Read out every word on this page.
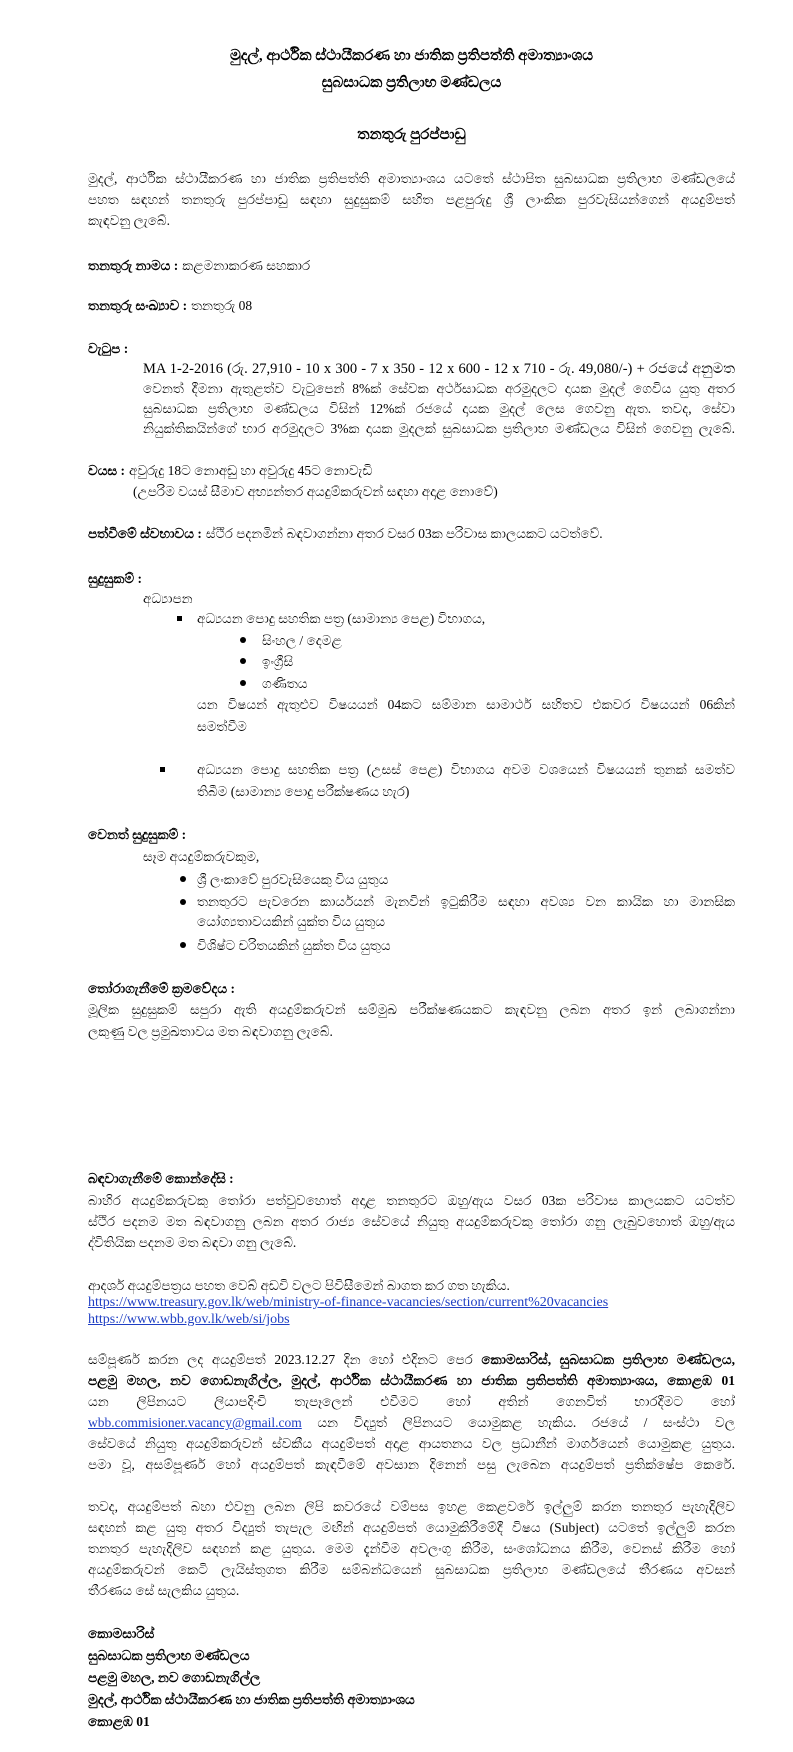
මුදල්, ආර්ථික ස්ථායීකරණ හා ජාතික ප්‍රතිපත්ති අමාත්‍යාංශය
සුබසාධක ප්‍රතිලාභ මණ්ඩලය
තනතුරු පුරප්පාඩු
මුදල්, ආර්ථික ස්ථායීකරණ හා ජාතික ප්‍රතිපත්ති අමාත්‍යාංශය යටතේ ස්ථාපිත සුබසාධක ප්‍රතිලාභ මණ්ඩලයේ
පහත සඳහන් තනතුරු පුරප්පාඩු සඳහා සුදුසුකම් සහිත පළපුරුදු ශ්‍රී ලාංකික පුරවැසියන්ගෙන් අයදුම්පත්
කැඳවනු ලැබේ.
තනතුරු නාමය : කළමනාකරණ සහකාර
තනතුරු සංඛ්‍යාව : තනතුරු 08
වැටුප :
MA 1-2-2016 (රු. 27,910 - 10 x 300 - 7 x 350 - 12 x 600 - 12 x 710 - රු. 49,080/-) + රජයේ අනුමත
වෙනත් දීමනා ඇතුළත්ව වැටුපෙන් 8%ක් සේවක අර්ථසාධක අරමුදලට දායක මුදල් ගෙවිය යුතු අතර
සුබසාධක ප්‍රතිලාභ මණ්ඩලය විසින් 12%ක් රජයේ දායක මුදල් ලෙස ගෙවනු ඇත. තවද, සේවා
නියුක්තිකයින්ගේ භාර අරමුදලට 3%ක දායක මුදලක් සුබසාධක ප්‍රතිලාභ මණ්ඩලය විසින් ගෙවනු ලැබේ.
වයස : අවුරුදු 18ට නොඅඩු හා අවුරුදු 45ට නොවැඩි
(උපරිම වයස් සීමාව අභ්‍යන්තර අයදුම්කරුවන් සඳහා අදාළ නොවේ)
පත්වීමේ ස්වභාවය : ස්ථිර පදනමින් බඳවාගන්නා අතර වසර 03ක පරිවාස කාලයකට යටත්වේ.
සුදුසුකම් :
අධ්‍යාපන
අධ්‍යයන පොදු සහතික පත්‍ර (සාමාන්‍ය පෙළ) විභාගය,
සිංහල / දෙමළ
ඉංග්‍රීසි
ගණිතය
යන විෂයන් ඇතුළුව විෂයයන් 04කට සම්මාන සාමාර්ථ සහිතව එකවර විෂයයන් 06කින්
සමත්වීම
අධ්‍යයන පොදු සහතික පත්‍ර (උසස් පෙළ) විභාගය අවම වශයෙන් විෂයයන් තුනක් සමත්ව
තිබීම (සාමාන්‍ය පොදු පරීක්ෂණය හැර)
වෙනත් සුදුසුකම් :
සෑම අයදුම්කරුවකුම,
ශ්‍රී ලංකාවේ පුරවැසියෙකු විය යුතුය
තනතුරට පැවරෙන කාර්යයන් මැනවින් ඉටුකිරීම සඳහා අවශ්‍ය වන කායික හා මානසික
යෝග්‍යතාවයකින් යුක්ත විය යුතුය
විශිෂ්ට චරිතයකින් යුක්ත විය යුතුය
තෝරාගැනීමේ ක්‍රමවේදය :
මූලික සුදුසුකම් සපුරා ඇති අයදුම්කරුවන් සම්මුඛ පරීක්ෂණයකට කැඳවනු ලබන අතර ඉන් ලබාගන්නා
ලකුණු වල ප්‍රමුඛතාවය මත බඳවාගනු ලැබේ.
බඳවාගැනීමේ කොන්දේසි :
බාහිර අයදුම්කරුවකු තෝරා පත්වුවහොත් අදාළ තනතුරට ඔහු/ඇය වසර 03ක පරිවාස කාලයකට යටත්ව
ස්ථිර පදනම මත බඳවාගනු ලබන අතර රාජ්‍ය සේවයේ නියුතු අයදුම්කරුවකු තෝරා ගනු ලැබුවහොත් ඔහු/ඇය
ද්විතියික පදනම මත බඳවා ගනු ලැබේ.
ආදර්ශ අයදුම්පත්‍රය පහත වෙබ් අඩවි වලට පිවිසීමෙන් බාගත කර ගත හැකිය.
https://www.treasury.gov.lk/web/ministry-of-finance-vacancies/section/current%20vacancies
https://www.wbb.gov.lk/web/si/jobs
සම්පූර්ණ කරන ලද අයදුම්පත් 2023.12.27 දින හෝ එදිනට පෙර කොමසාරිස්, සුබසාධක ප්‍රතිලාභ මණ්ඩලය,
පළමු මහල, නව ගොඩනැගිල්ල, මුදල්, ආර්ථික ස්ථායීකරණ හා ජාතික ප්‍රතිපත්ති අමාත්‍යාංශය, කොළඹ 01
යන ලිපිනයට ලියාපදිංචි තැපෑලෙන් එවීමට හෝ අතින් ගෙනවිත් භාරදීමට හෝ
wbb.commisioner.vacancy@gmail.com යන විද්‍යුත් ලිපිනයට යොමුකළ හැකිය. රජයේ / සංස්ථා වල
සේවයේ නියුතු අයදුම්කරුවන් ස්වකීය අයදුම්පත් අදාළ ආයතනය වල ප්‍රධානීන් මාර්ගයෙන් යොමුකළ යුතුය.
පමා වූ, අසම්පූර්ණ හෝ අයදුම්පත් කැඳවීමේ අවසාන දිනෙන් පසු ලැබෙන අයදුම්පත් ප්‍රතික්ෂේප කෙරේ.
තවද, අයදුම්පත් බහා එවනු ලබන ලිපි කවරයේ වම්පස ඉහළ කෙළවරේ ඉල්ලුම් කරන තනතුර පැහැදිලිව
සඳහන් කළ යුතු අතර විද්‍යුත් තැපැල මඟින් අයදුම්පත් යොමුකිරීමේදී විෂය (Subject) යටතේ ඉල්ලුම් කරන
තනතුර පැහැදිලිව සඳහන් කළ යුතුය. මෙම දැන්වීම අවලංගු කිරීම, සංශෝධනය කිරීම, වෙනස් කිරීම හෝ
අයදුම්කරුවන් කෙටි ලැයිස්තුගත කිරීම සම්බන්ධයෙන් සුබසාධක ප්‍රතිලාභ මණ්ඩලයේ තීරණය අවසන්
තීරණය සේ සැලකිය යුතුය.
කොමසාරිස්
සුබසාධක ප්‍රතිලාභ මණ්ඩලය
පළමු මහල, නව ගොඩනැගිල්ල
මුදල්, ආර්ථික ස්ථායීකරණ හා ජාතික ප්‍රතිපත්ති අමාත්‍යාංශය
කොළඹ 01
